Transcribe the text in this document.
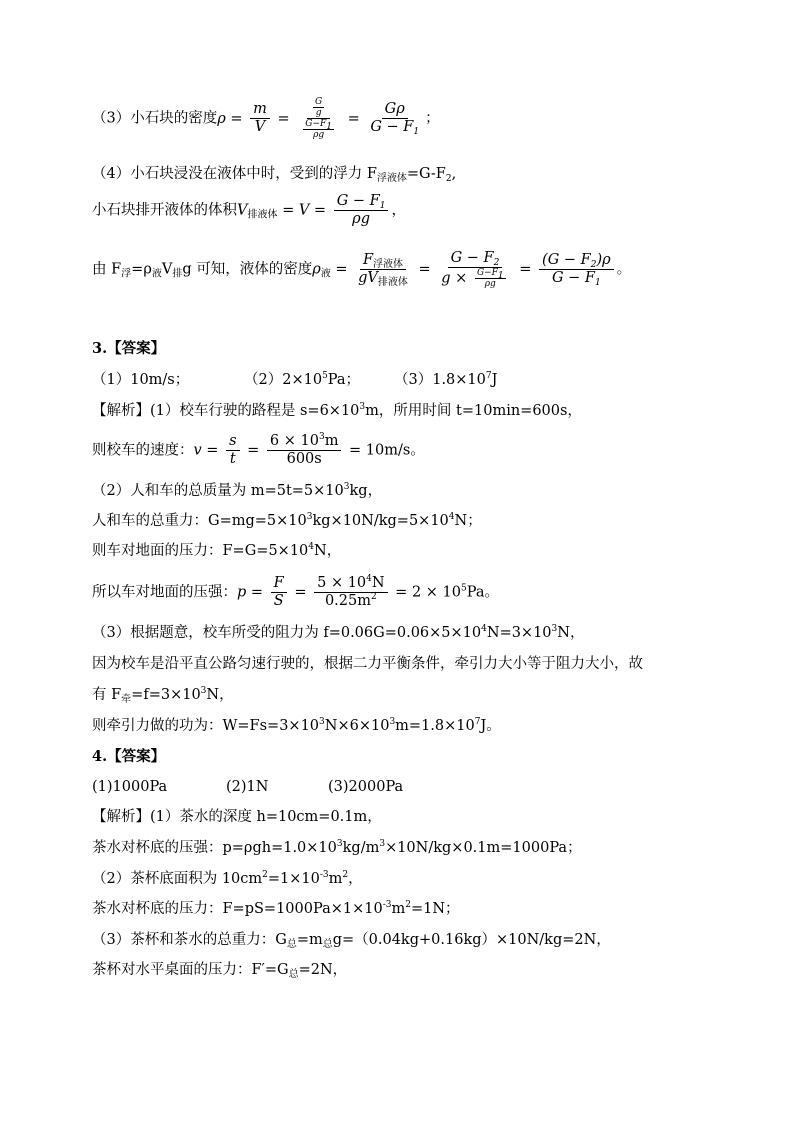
（3）小石块的密度$\rho = \frac{m}{V} = \frac{\frac{G}{g}}{\frac{G-F_1}{\rho g}} = \frac{G\rho}{G - F_1}$ ；
（4）小石块浸没在液体中时，受到的浮力 $F_{浮液体}=G-F_2$,
小石块排开液体的体积$V_{排液体} = V = \frac{G - F_1}{\rho g}$ ，
由 $F_浮=\rho_液V_排g$ 可知，液体的密度$\rho_液 = \frac{F_{浮液体}}{gV_{排液体}} = \frac{G - F_2}{g \times \frac{G-F_1}{\rho g}} = \frac{(G - F_2)\rho}{G - F_1}$ 。
3.【答案】
（1）10m/s；	$(2)2\times 10^5Pa$； $(3)1.8\times 10^7J$
【解析】(1）校车行驶的路程是 $s=6\times 10^3m$，所用时间 t=10min=600s，
则校车的速度：$v = \frac{s}{t} = \frac{6 \times 10^3m}{600s} = 10m/s$。
（2）人和车的总质量为 $m=5t=5\times 10^3kg$，
人和车的总重力：$G=mg=5\times 10^3kg\times 10N/kg=5\times 10^4N$；
则车对地面的压力：$F=G=5\times 10^4N$，
所以车对地面的压强：$p = \frac{F}{S} = \frac{5 \times 10^4N}{0.25m^2} = 2 \times 10^5Pa$。
（3）根据题意，校车所受的阻力为 $f=0.06G=0.06\times 5\times 10^4N=3\times 10^3N$，
因为校车是沿平直公路匀速行驶的，根据二力平衡条件，牵引力大小等于阻力大小，故
有 $F_牵=f=3\times 10^3N$，
则牵引力做的功为：$W=Fs=3\times 10^3N\times 6\times 10^3m=1.8\times 10^7J$。
4.【答案】
(1)1000Pa	(2)1N	(3)2000Pa
【解析】(1）茶水的深度 h=10cm=0.1m，
茶水对杯底的压强：$p=\rho gh=1.0\times 10^3kg/m^3\times 10N/kg\times 0.1m=1000Pa$；
（2）茶杯底面积为 $10cm^2=1\times 10^{-3}m^2$，
茶水对杯底的压力：$F=pS=1000Pa\times 1\times 10^{-3}m^2=1N$；
（3）茶杯和茶水的总重力：$G_总=m_总g=(0.04kg+0.16kg)\times 10N/kg=2N$，
茶杯对水平桌面的压力：$F'=G_总=2N$，
